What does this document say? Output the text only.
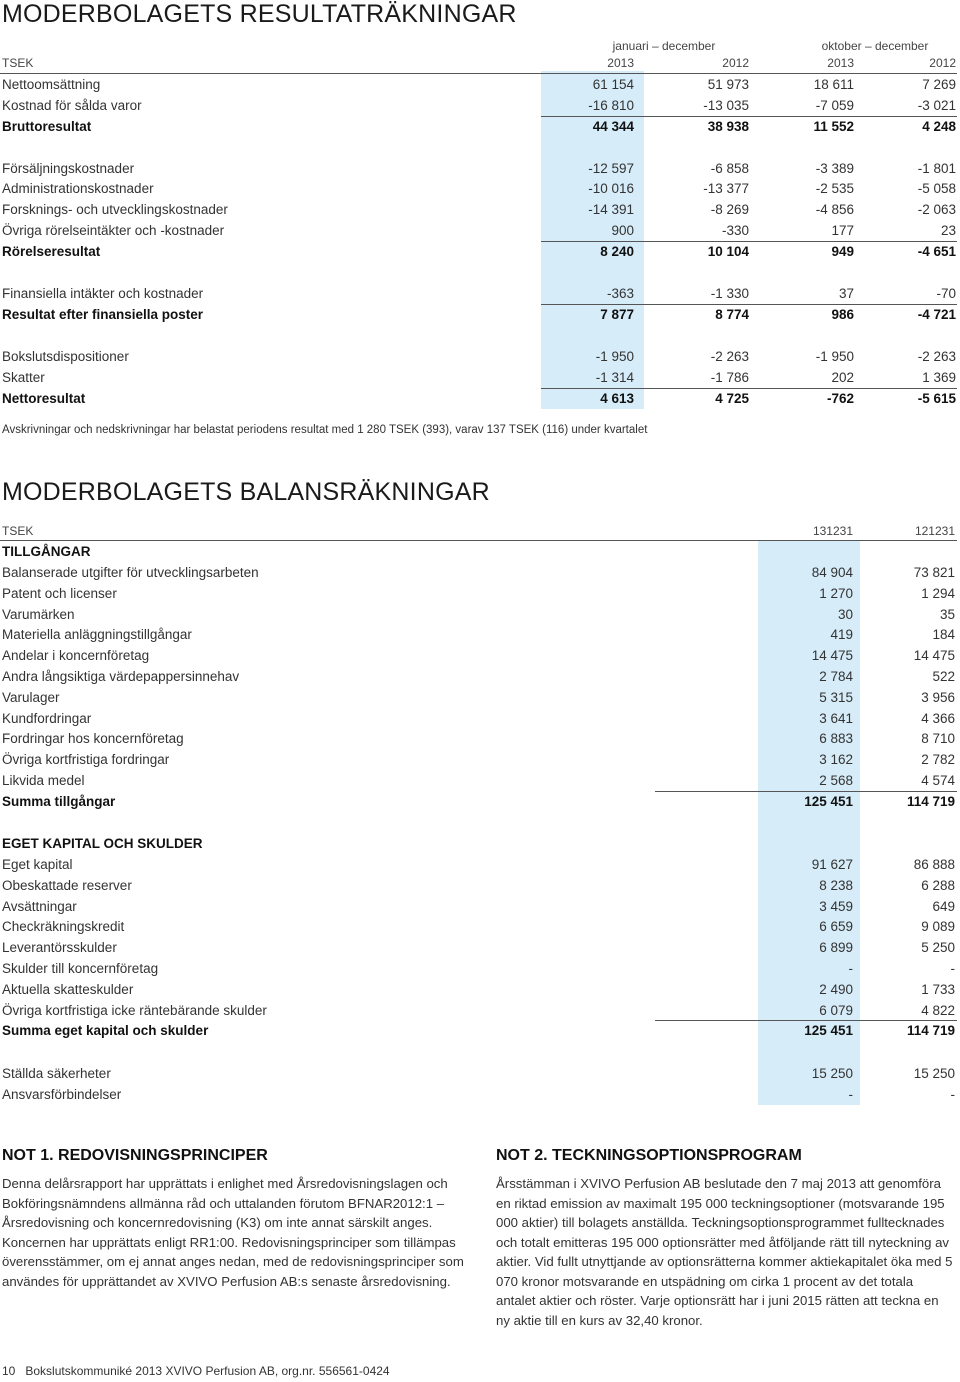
MODERBOLAGETS RESULTATRÄKNINGAR
januari – december	oktober – december
TSEK	2013	2012	2013	2012
Nettoomsättning	61 154	51 973	18 611	7 269
Kostnad för sålda varor	-16 810	-13 035	-7 059	-3 021
Bruttoresultat	44 344	38 938	11 552	4 248
Försäljningskostnader	-12 597	-6 858	-3 389	-1 801
Administrationskostnader	-10 016	-13 377	-2 535	-5 058
Forsknings- och utvecklingskostnader	-14 391	-8 269	-4 856	-2 063
Övriga rörelseintäkter och -kostnader	900	-330	177	23
Rörelseresultat	8 240	10 104	949	-4 651
Finansiella intäkter och kostnader	-363	-1 330	37	-70
Resultat efter finansiella poster	7 877	8 774	986	-4 721
Bokslutsdispositioner	-1 950	-2 263	-1 950	-2 263
Skatter	-1 314	-1 786	202	1 369
Nettoresultat	4 613	4 725	-762	-5 615
Avskrivningar och nedskrivningar har belastat periodens resultat med 1 280 TSEK (393), varav 137 TSEK (116) under kvartalet
MODERBOLAGETS BALANSRÄKNINGAR
TSEK	131231	121231
TILLGÅNGAR
Balanserade utgifter för utvecklingsarbeten	84 904	73 821
Patent och licenser	1 270	1 294
Varumärken	30	35
Materiella anläggningstillgångar	419	184
Andelar i koncernföretag	14 475	14 475
Andra långsiktiga värdepappersinnehav	2 784	522
Varulager	5 315	3 956
Kundfordringar	3 641	4 366
Fordringar hos koncernföretag	6 883	8 710
Övriga kortfristiga fordringar	3 162	2 782
Likvida medel	2 568	4 574
Summa tillgångar	125 451	114 719
EGET KAPITAL OCH SKULDER
Eget kapital	91 627	86 888
Obeskattade reserver	8 238	6 288
Avsättningar	3 459	649
Checkräkningskredit	6 659	9 089
Leverantörsskulder	6 899	5 250
Skulder till koncernföretag	-	-
Aktuella skatteskulder	2 490	1 733
Övriga kortfristiga icke räntebärande skulder	6 079	4 822
Summa eget kapital och skulder	125 451	114 719
Ställda säkerheter	15 250	15 250
Ansvarsförbindelser	-	-
NOT 1. REDOVISNINGSPRINCIPER

Denna delårsrapport har upprättats i enlighet med Årsredovisningslagen och Bokföringsnämndens allmänna råd och uttalanden förutom BFNAR2012:1 – Årsredovisning och koncernredovisning (K3) om inte annat särskilt anges. Koncernen har upprättats enligt RR1:00. Redovisningsprinciper som tillämpas överensstämmer, om ej annat anges nedan, med de redovisningsprinciper som användes för upprättandet av XVIVO Perfusion AB:s senaste årsredovisning.

NOT 2. TECKNINGSOPTIONSPROGRAM

Årsstämman i XVIVO Perfusion AB beslutade den 7 maj 2013 att genomföra en riktad emission av maximalt 195 000 teckningsoptioner (motsvarande 195 000 aktier) till bolagets anställda. Teckningsoptionsprogrammet fulltecknades och totalt emitteras 195 000 optionsrätter med åtföljande rätt till nyteckning av aktier. Vid fullt utnyttjande av optionsrätterna kommer aktiekapitalet öka med 5 070 kronor motsvarande en utspädning om cirka 1 procent av det totala antalet aktier och röster. Varje optionsrätt har i juni 2015 rätten att teckna en ny aktie till en kurs av 32,40 kronor.

10 Bokslutskommuniké 2013 XVIVO Perfusion AB, org.nr. 556561-0424
